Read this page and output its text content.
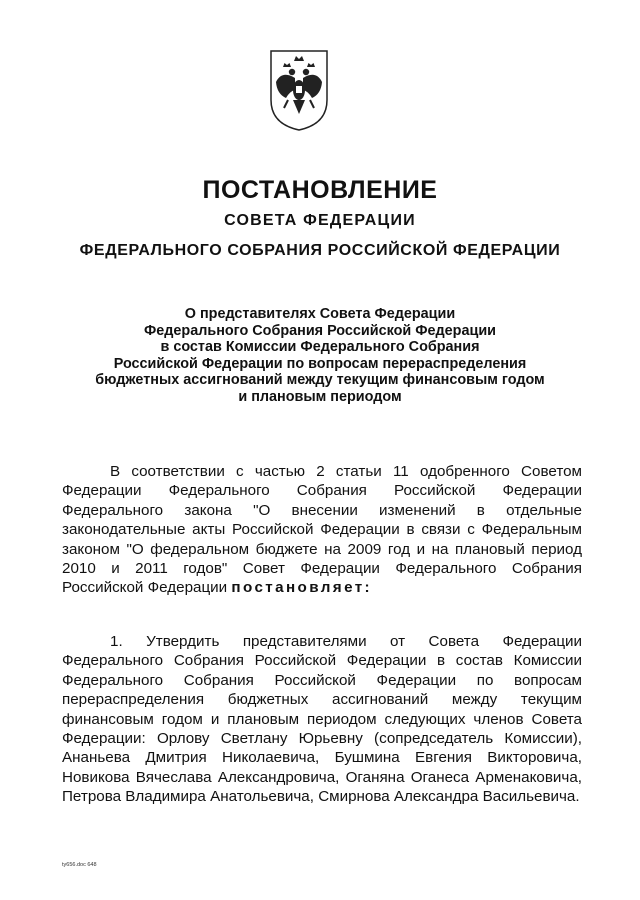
ПОСТАНОВЛЕНИЕ
СОВЕТА ФЕДЕРАЦИИ
ФЕДЕРАЛЬНОГО СОБРАНИЯ РОССИЙСКОЙ ФЕДЕРАЦИИ
О представителях Совета Федерации
Федерального Собрания Российской Федерации
в состав Комиссии Федерального Собрания
Российской Федерации по вопросам перераспределения
бюджетных ассигнований между текущим финансовым годом
и плановым периодом
В соответствии с частью 2 статьи 11 одобренного Советом Федерации Федерального Собрания Российской Федерации Федерального закона "О внесении изменений в отдельные законодательные акты Российской Федерации в связи с Федеральным законом "О федеральном бюджете на 2009 год и на плановый период 2010 и 2011 годов" Совет Федерации Федерального Собрания Российской Федерации постановляет:
1. Утвердить представителями от Совета Федерации Федерального Собрания Российской Федерации в состав Комиссии Федерального Собрания Российской Федерации по вопросам перераспределения бюджетных ассигнований между текущим финансовым годом и плановым периодом следующих членов Совета Федерации: Орлову Светлану Юрьевну (сопредседатель Комиссии), Ананьева Дмитрия Николаевича, Бушмина Евгения Викторовича, Новикова Вячеслава Александровича, Оганяна Оганеса Арменаковича, Петрова Владимира Анатольевича, Смирнова Александра Васильевича.
ty656.doc 648
